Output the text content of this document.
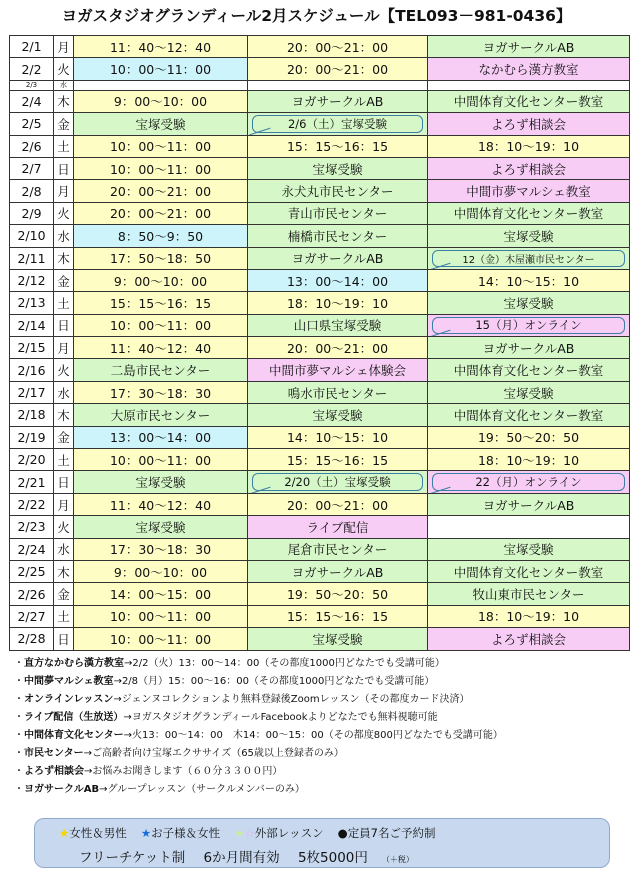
ヨガスタジオグランディール2月スケジュール【TEL093－981-0436】
2/1	月	11：40〜12：40	20：00〜21：00	ヨガサークルAB
2/2	火	10：00〜11：00	20：00〜21：00	なかむら漢方教室
2/3	水			
2/4	木	9：00〜10：00	ヨガサークルAB	中間体育文化センター教室
2/5	金	宝塚受験	2/6（土）宝塚受験	よろず相談会
2/6	土	10：00〜11：00	15：15〜16：15	18：10〜19：10
2/7	日	10：00〜11：00	宝塚受験	よろず相談会
2/8	月	20：00〜21：00	永犬丸市民センター	中間市夢マルシェ教室
2/9	火	20：00〜21：00	青山市民センター	中間体育文化センター教室
2/10	水	8：50〜9：50	楠橋市民センター	宝塚受験
2/11	木	17：50〜18：50	ヨガサークルAB	12（金）木屋瀬市民センター

2/12	金	9：00〜10：00	13：00〜14：00	14：10〜15：10
2/13	土	15：15〜16：15	18：10〜19：10	宝塚受験
2/14	日	10：00〜11：00	山口県宝塚受験	15（月）オンライン

2/15	月	11：40〜12：40	20：00〜21：00	ヨガサークルAB
2/16	火	二島市民センター	中間市夢マルシェ体験会	中間体育文化センター教室
2/17	水	17：30〜18：30	鳴水市民センター	宝塚受験
2/18	木	大原市民センター	宝塚受験	中間体育文化センター教室
2/19	金	13：00〜14：00	14：10〜15：10	19：50〜20：50
2/20	土	10：00〜11：00	15：15〜16：15	18：10〜19：10
2/21	日	宝塚受験	2/20（土）宝塚受験	22（月）オンライン

2/22	月	11：40〜12：40	20：00〜21：00	ヨガサークルAB
2/23	火	宝塚受験	ライブ配信	
2/24	水	17：30〜18：30	尾倉市民センター	宝塚受験
2/25	木	9：00〜10：00	ヨガサークルAB	中間体育文化センター教室
2/26	金	14：00〜15：00	19：50〜20：50	牧山東市民センター
2/27	土	10：00〜11：00	15：15〜16：15	18：10〜19：10
2/28	日	10：00〜11：00	宝塚受験	よろず相談会
・直方なかむら漢方教室→2/2（火）13：00〜14：00（その都度1000円どなたでも受講可能）
・中間夢マルシェ教室→2/8（月）15：00〜16：00（その都度1000円どなたでも受講可能）
・オンラインレッスン→ジェンヌコレクションより無料登録後Zoomレッスン（その都度カード決済）
・ライブ配信（生放送）→ヨガスタジオグランディールFacebookよりどなたでも無料視聴可能
・中間体育文化センター→火13：00〜14：00　木14：00〜15：00（その都度800円どなたでも受講可能）
・市民センター→ご高齢者向け宝塚エクササイズ（65歳以上登録者のみ）
・よろず相談会→お悩みお聞きします（６０分３３００円）
・ヨガサークルAB→グループレッスン（サークルメンバーのみ）
★女性＆男性 ★お子様＆女性 ★☆外部レッスン ●定員7名ご予約制
フリーチケット制 6か月間有効 5枚5000円 （＋税）
